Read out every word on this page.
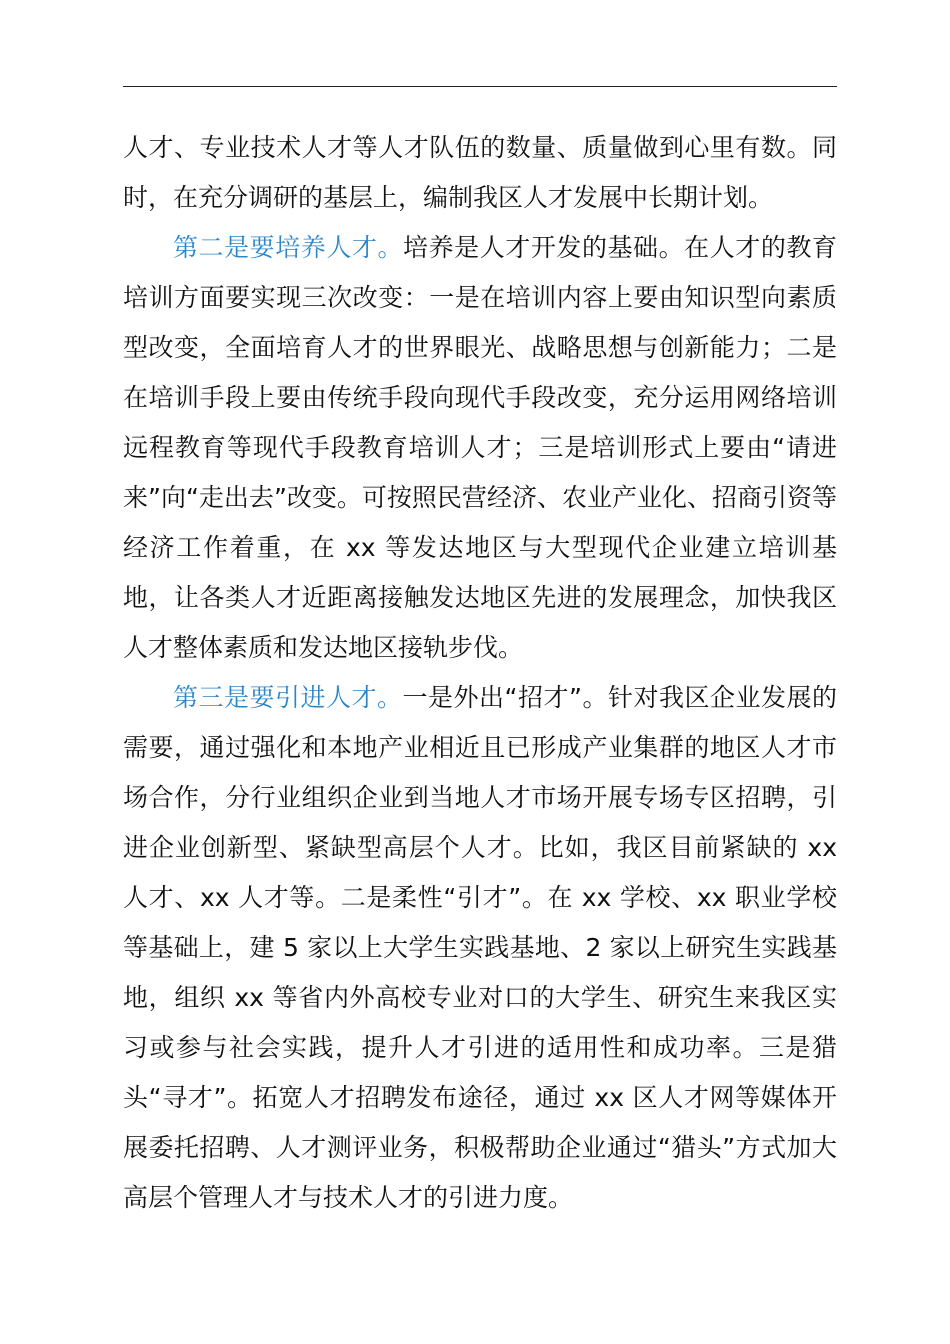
人才、专业技术人才等人才队伍的数量、质量做到心里有数。同时，在充分调研的基层上，编制我区人才发展中长期计划。

第二是要培养人才。培养是人才开发的基础。在人才的教育培训方面要实现三次改变：一是在培训内容上要由知识型向素质型改变，全面培育人才的世界眼光、战略思想与创新能力；二是在培训手段上要由传统手段向现代手段改变，充分运用网络培训远程教育等现代手段教育培训人才；三是培训形式上要由“请进来”向“走出去”改变。可按照民营经济、农业产业化、招商引资等经济工作着重，在 xx 等发达地区与大型现代企业建立培训基地，让各类人才近距离接触发达地区先进的发展理念，加快我区人才整体素质和发达地区接轨步伐。

第三是要引进人才。一是外出“招才”。针对我区企业发展的需要，通过强化和本地产业相近且已形成产业集群的地区人才市场合作，分行业组织企业到当地人才市场开展专场专区招聘，引进企业创新型、紧缺型高层个人才。比如，我区目前紧缺的 xx 人才、xx 人才等。二是柔性“引才”。在 xx 学校、xx 职业学校等基础上，建 5 家以上大学生实践基地、2 家以上研究生实践基地，组织 xx 等省内外高校专业对口的大学生、研究生来我区实习或参与社会实践，提升人才引进的适用性和成功率。三是猎头“寻才”。拓宽人才招聘发布途径，通过 xx 区人才网等媒体开展委托招聘、人才测评业务，积极帮助企业通过“猎头”方式加大高层个管理人才与技术人才的引进力度。
